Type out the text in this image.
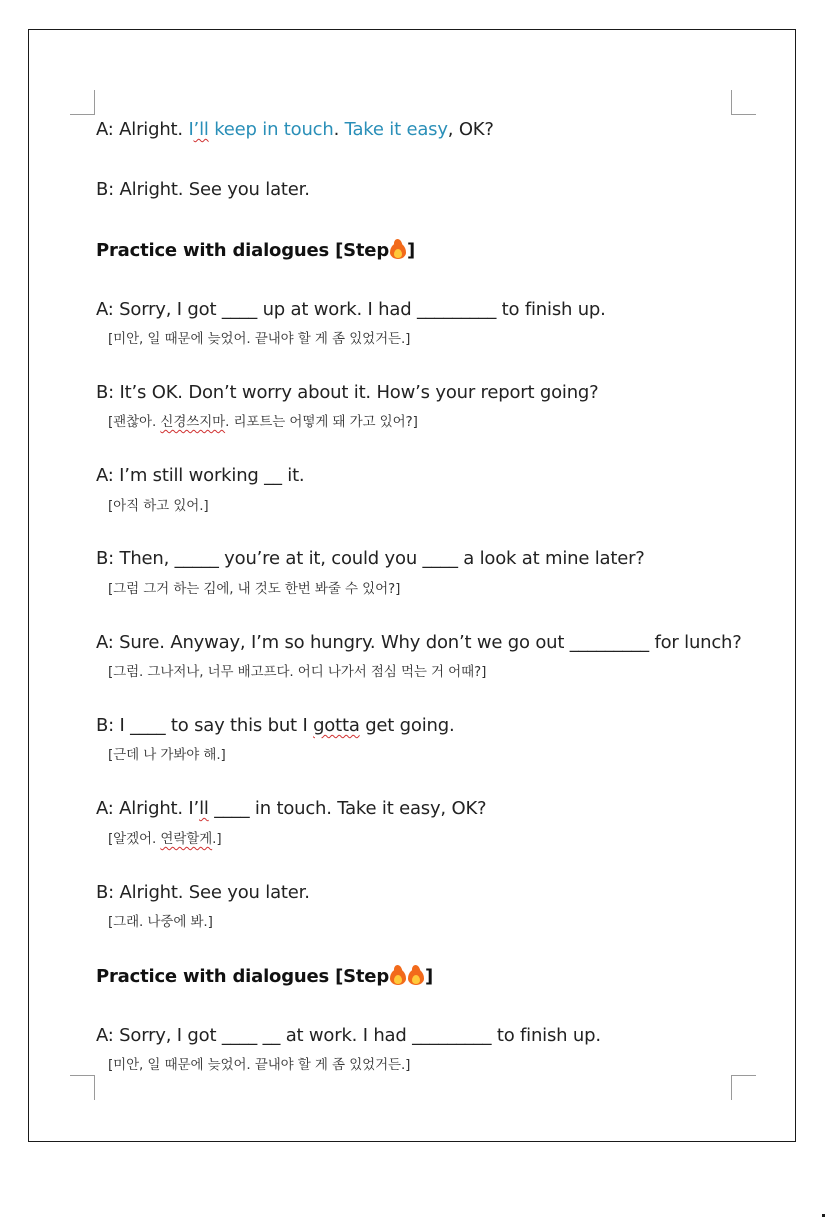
A: Alright. I’ll keep in touch. Take it easy, OK?
B: Alright. See you later.
Practice with dialogues [Step ]
A: Sorry, I got ____ up at work. I had _________ to finish up.
[미안, 일 때문에 늦었어. 끝내야 할 게 좀 있었거든.]
B: It’s OK. Don’t worry about it. How’s your report going?
[괜찮아. 신경쓰지마. 리포트는 어떻게 돼 가고 있어?]
A: I’m still working __ it.
[아직 하고 있어.]
B: Then, _____ you’re at it, could you ____ a look at mine later?
[그럼 그거 하는 김에, 내 것도 한번 봐줄 수 있어?]
A: Sure. Anyway, I’m so hungry. Why don’t we go out _________ for lunch?
[그럼. 그나저나, 너무 배고프다. 어디 나가서 점심 먹는 거 어때?]
B: I ____ to say this but I gotta get going.
[근데 나 가봐야 해.]
A: Alright. I’ll ____ in touch. Take it easy, OK?
[알겠어. 연락할게.]
B: Alright. See you later.
[그래. 나중에 봐.]
Practice with dialogues [Step ]
A: Sorry, I got ____ __ at work. I had _________ to finish up.
[미안, 일 때문에 늦었어. 끝내야 할 게 좀 있었거든.]
